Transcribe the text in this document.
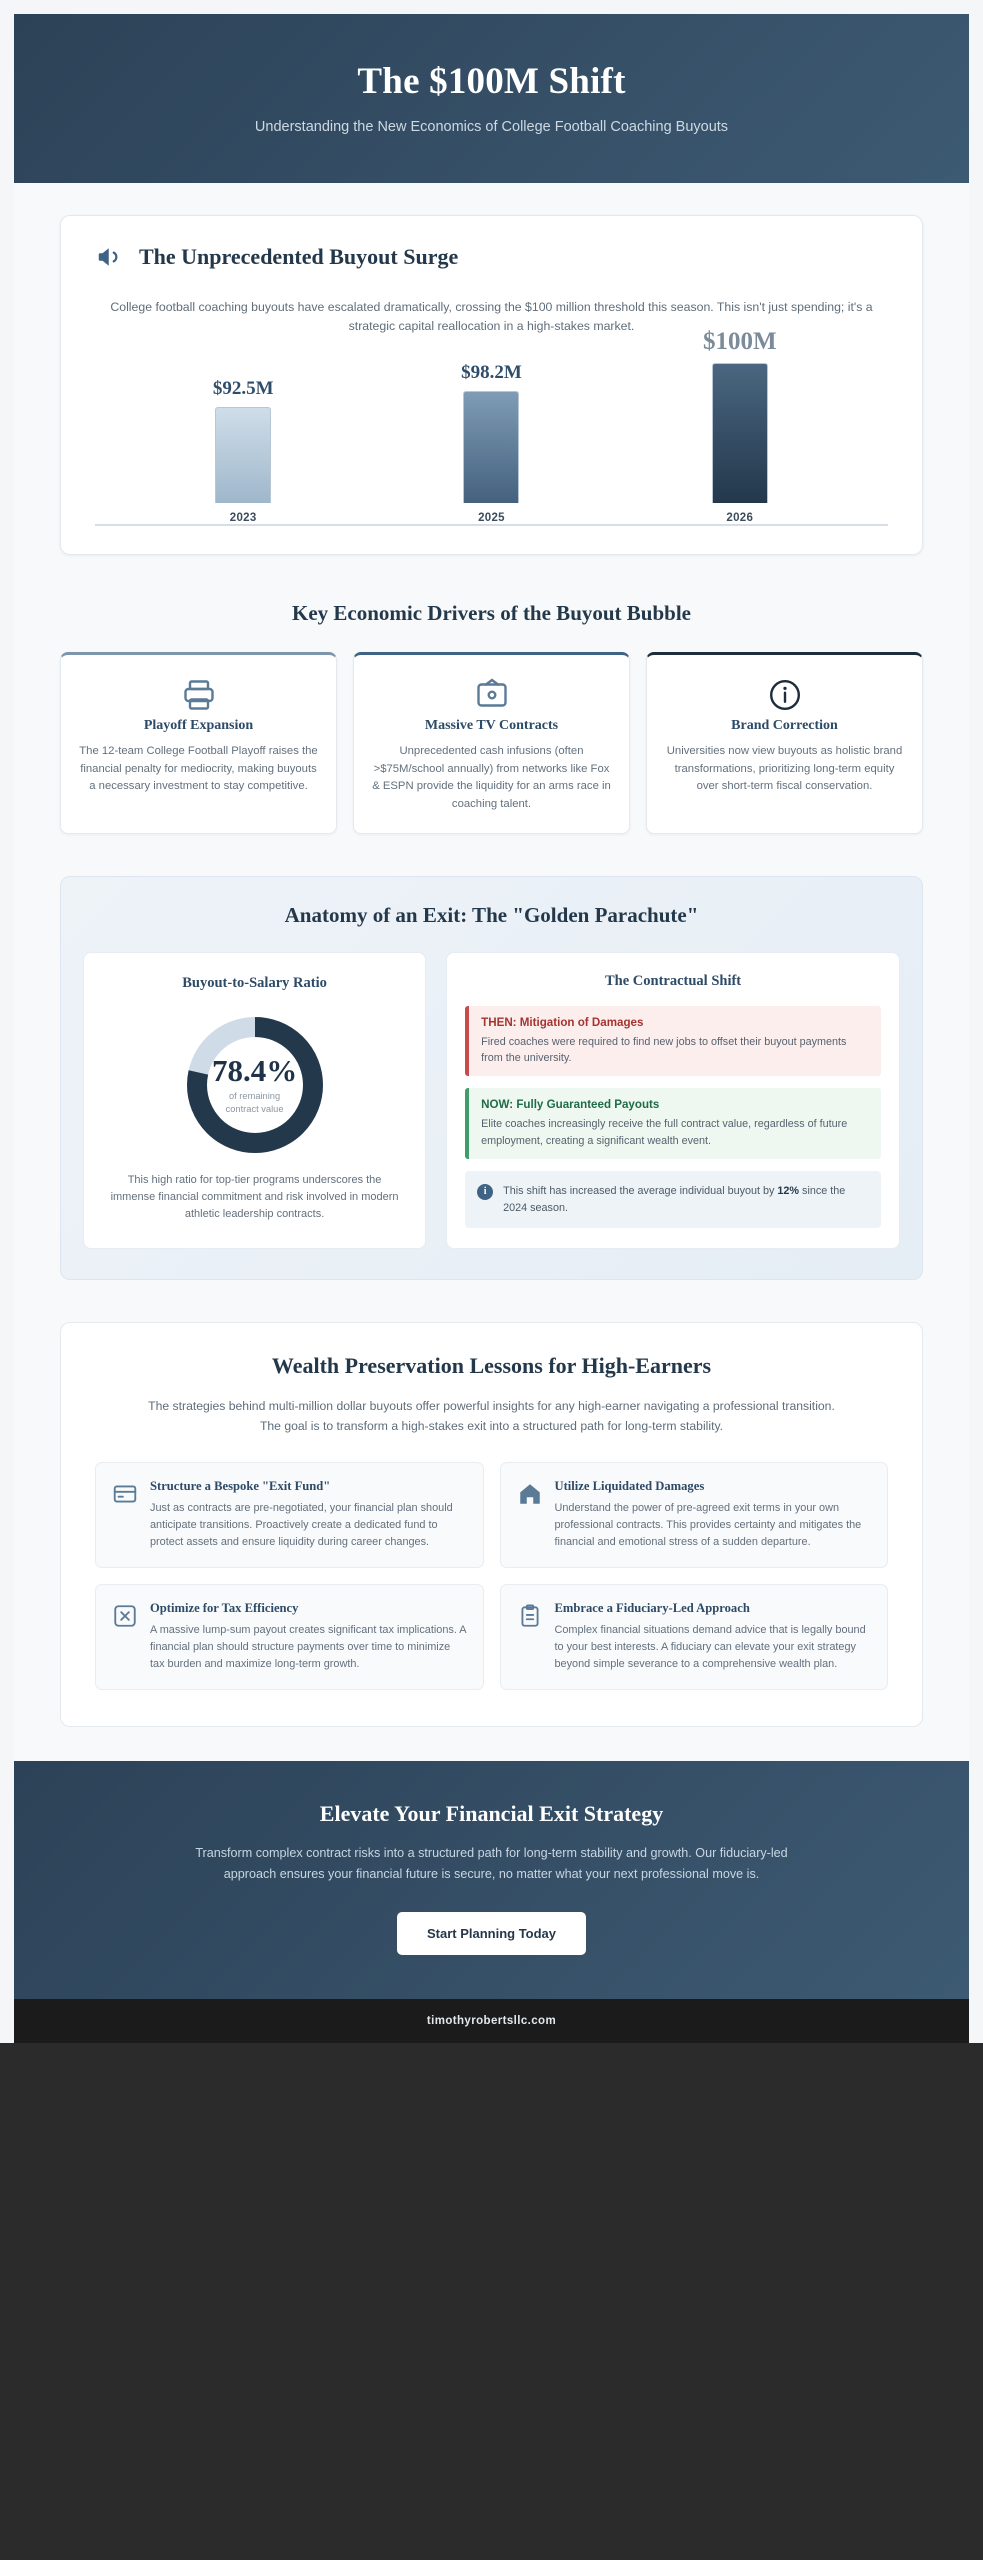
The $100M Shift

Understanding the New Economics of College Football Coaching Buyouts

The Unprecedented Buyout Surge

College football coaching buyouts have escalated dramatically, crossing the $100 million threshold this season. This isn't just spending; it's a strategic capital reallocation in a high-stakes market.

$92.5M
2023
$98.2M
2025
$100M
2026
Key Economic Drivers of the Buyout Bubble
Playoff Expansion

The 12-team College Football Playoff raises the financial penalty for mediocrity, making buyouts a necessary investment to stay competitive.

Massive TV Contracts

Unprecedented cash infusions (often >$75M/school annually) from networks like Fox & ESPN provide the liquidity for an arms race in coaching talent.

Brand Correction

Universities now view buyouts as holistic brand transformations, prioritizing long-term equity over short-term fiscal conservation.

Anatomy of an Exit: The "Golden Parachute"
Buyout-to-Salary Ratio
78.4%
of remaining
contract value

This high ratio for top-tier programs underscores the immense financial commitment and risk involved in modern athletic leadership contracts.

The Contractual Shift
THEN: Mitigation of Damages

Fired coaches were required to find new jobs to offset their buyout payments from the university.

NOW: Fully Guaranteed Payouts

Elite coaches increasingly receive the full contract value, regardless of future employment, creating a significant wealth event.

i	This shift has increased the average individual buyout by 12% since the 2024 season.

Wealth Preservation Lessons for High-Earners

The strategies behind multi-million dollar buyouts offer powerful insights for any high-earner navigating a professional transition. The goal is to transform a high-stakes exit into a structured path for long-term stability.

Structure a Bespoke "Exit Fund"

Just as contracts are pre-negotiated, your financial plan should anticipate transitions. Proactively create a dedicated fund to protect assets and ensure liquidity during career changes.

Utilize Liquidated Damages

Understand the power of pre-agreed exit terms in your own professional contracts. This provides certainty and mitigates the financial and emotional stress of a sudden departure.

Optimize for Tax Efficiency

A massive lump-sum payout creates significant tax implications. A financial plan should structure payments over time to minimize tax burden and maximize long-term growth.

Embrace a Fiduciary-Led Approach

Complex financial situations demand advice that is legally bound to your best interests. A fiduciary can elevate your exit strategy beyond simple severance to a comprehensive wealth plan.

Elevate Your Financial Exit Strategy

Transform complex contract risks into a structured path for long-term stability and growth. Our fiduciary-led approach ensures your financial future is secure, no matter what your next professional move is.

Start Planning Today
timothyrobertsllc.com
